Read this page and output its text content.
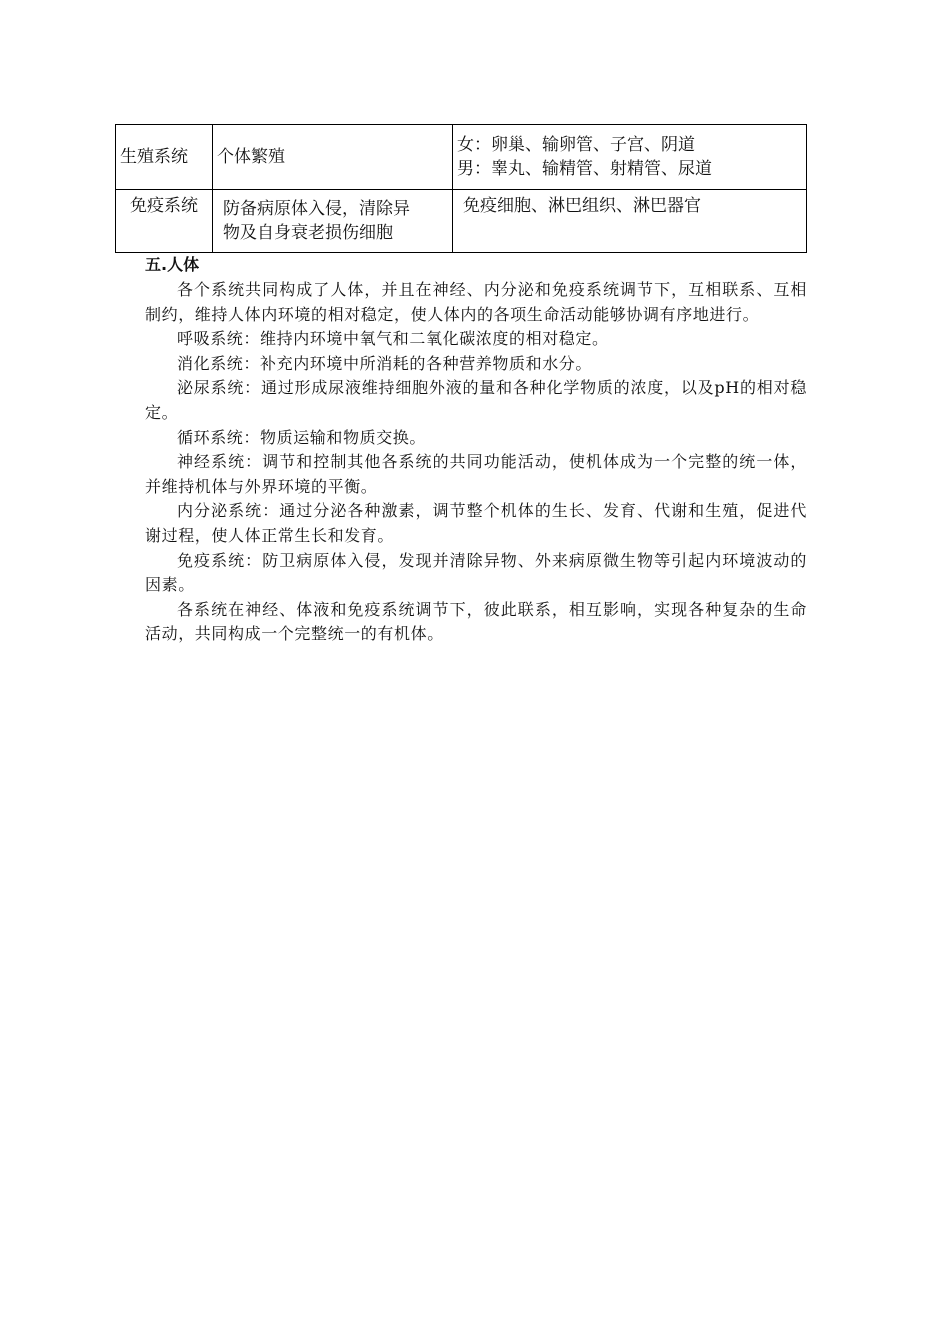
生殖系统	个体繁殖	女：卵巢、输卵管、子宫、阴道
男：睾丸、输精管、射精管、尿道

免疫系统	防备病原体入侵，清除异
物及自身衰老损伤细胞	免疫细胞、淋巴组织、淋巴器官
五.人体

各个系统共同构成了人体，并且在神经、内分泌和免疫系统调节下，互相联系、互相制约，维持人体内环境的相对稳定，使人体内的各项生命活动能够协调有序地进行。

呼吸系统：维持内环境中氧气和二氧化碳浓度的相对稳定。

消化系统：补充内环境中所消耗的各种营养物质和水分。

泌尿系统：通过形成尿液维持细胞外液的量和各种化学物质的浓度，以及pH的相对稳定。

循环系统：物质运输和物质交换。

神经系统：调节和控制其他各系统的共同功能活动，使机体成为一个完整的统一体，并维持机体与外界环境的平衡。

内分泌系统：通过分泌各种激素，调节整个机体的生长、发育、代谢和生殖，促进代谢过程，使人体正常生长和发育。

免疫系统：防卫病原体入侵，发现并清除异物、外来病原微生物等引起内环境波动的因素。

各系统在神经、体液和免疫系统调节下，彼此联系，相互影响，实现各种复杂的生命活动，共同构成一个完整统一的有机体。
